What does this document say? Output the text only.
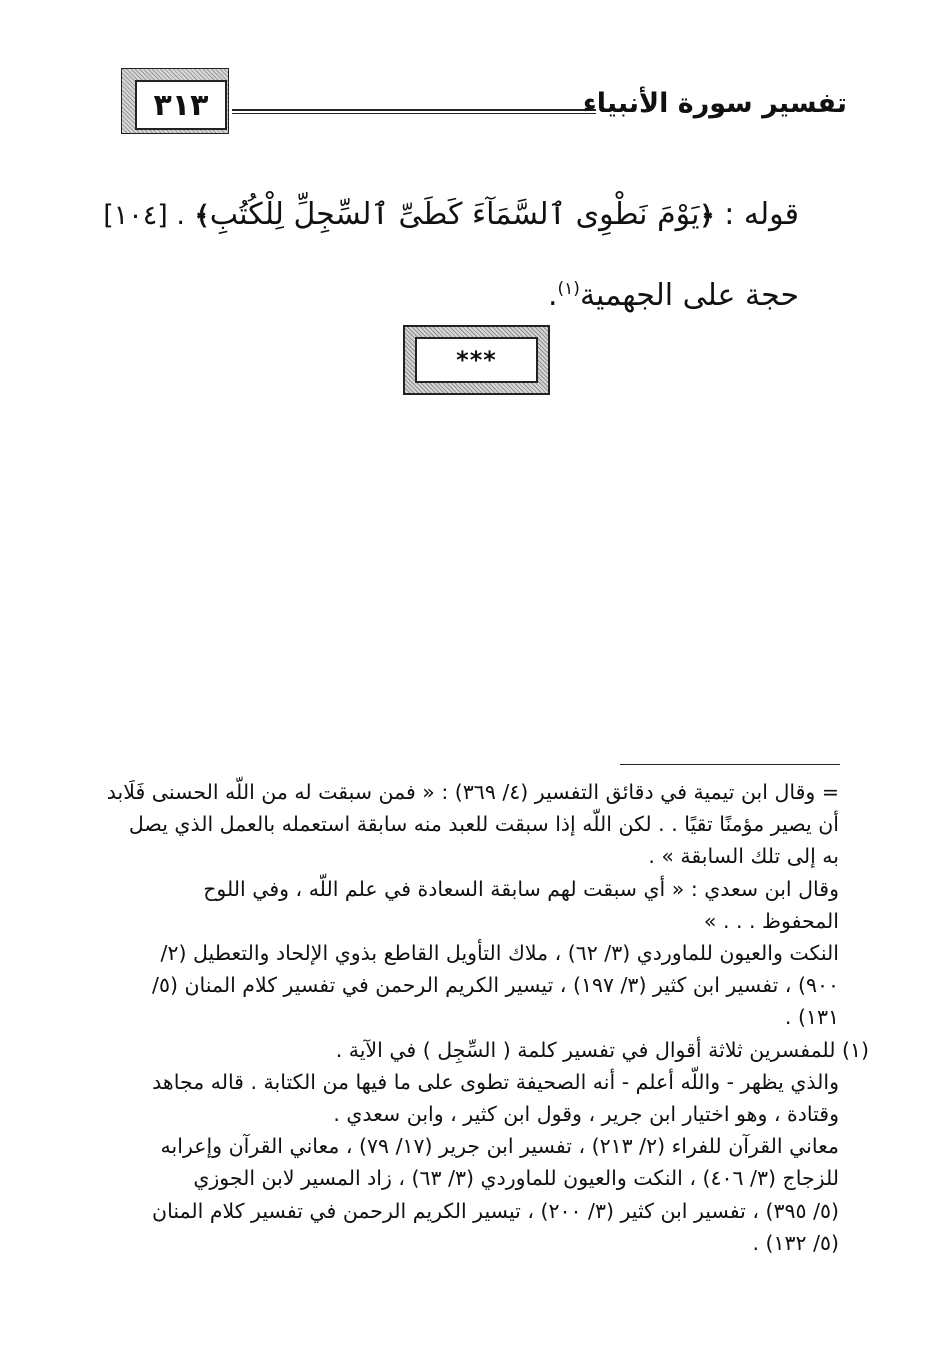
٣١٣	تفسير سورة الأنبياء
قوله : ﴿يَوْمَ نَطْوِى ٱلسَّمَآءَ كَطَىِّ ٱلسِّجِلِّ لِلْكُتُبِ﴾ . [١٠٤]
حجة على الجهمية$^{(١)}$.
***
= وقال ابن تيمية في دقائق التفسير (٤/ ٣٦٩) : « فمن سبقت له من اللّه الحسنى فَلَابد
أن يصير مؤمنًا تقيًا . . لكن اللّه إذا سبقت للعبد منه سابقة استعمله بالعمل الذي يصل
به إلى تلك السابقة » .
وقال ابن سعدي : « أي سبقت لهم سابقة السعادة في علم اللّه ، وفي اللوح
المحفوظ . . . »
النكت والعيون للماوردي (٣/ ٦٢) ، ملاك التأويل القاطع بذوي الإلحاد والتعطيل (٢/
٩٠٠) ، تفسير ابن كثير (٣/ ١٩٧) ، تيسير الكريم الرحمن في تفسير كلام المنان (٥/
١٣١) .
(١) للمفسرين ثلاثة أقوال في تفسير كلمة ( السِّجِل ) في الآية .
والذي يظهر - واللّه أعلم - أنه الصحيفة تطوى على ما فيها من الكتابة . قاله مجاهد
وقتادة ، وهو اختيار ابن جرير ، وقول ابن كثير ، وابن سعدي .
معاني القرآن للفراء (٢/ ٢١٣) ، تفسير ابن جرير (١٧/ ٧٩) ، معاني القرآن وإعرابه
للزجاج (٣/ ٤٠٦) ، النكت والعيون للماوردي (٣/ ٦٣) ، زاد المسير لابن الجوزي
(٥/ ٣٩٥) ، تفسير ابن كثير (٣/ ٢٠٠) ، تيسير الكريم الرحمن في تفسير كلام المنان
(٥/ ١٣٢) .
